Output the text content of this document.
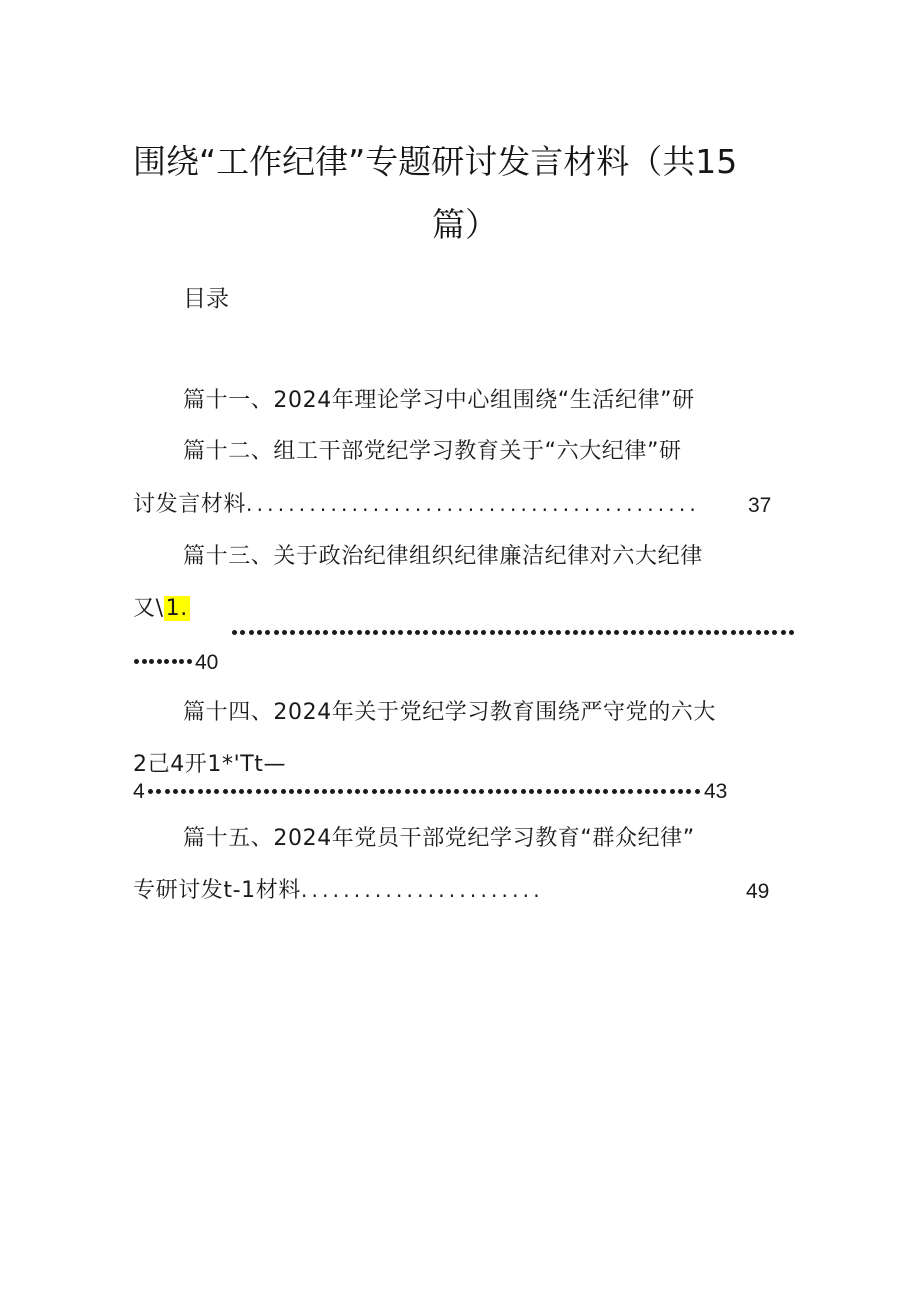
围绕“工作纪律”专题研讨发言材料（共15
篇）
目录
篇十一、2024年理论学习中心组围绕“生活纪律”研
篇十二、组工干部党纪学习教育关于“六大纪律”研
讨发言材料........................................... 37
篇十三、关于政治纪律组织纪律廉洁纪律对六大纪律
又\1.
40
篇十四、2024年关于党纪学习教育围绕严守党的六大
2己4开1*'Tt—
4	43
篇十五、2024年党员干部党纪学习教育“群众纪律”
专研讨发t-1材料.......................	49
